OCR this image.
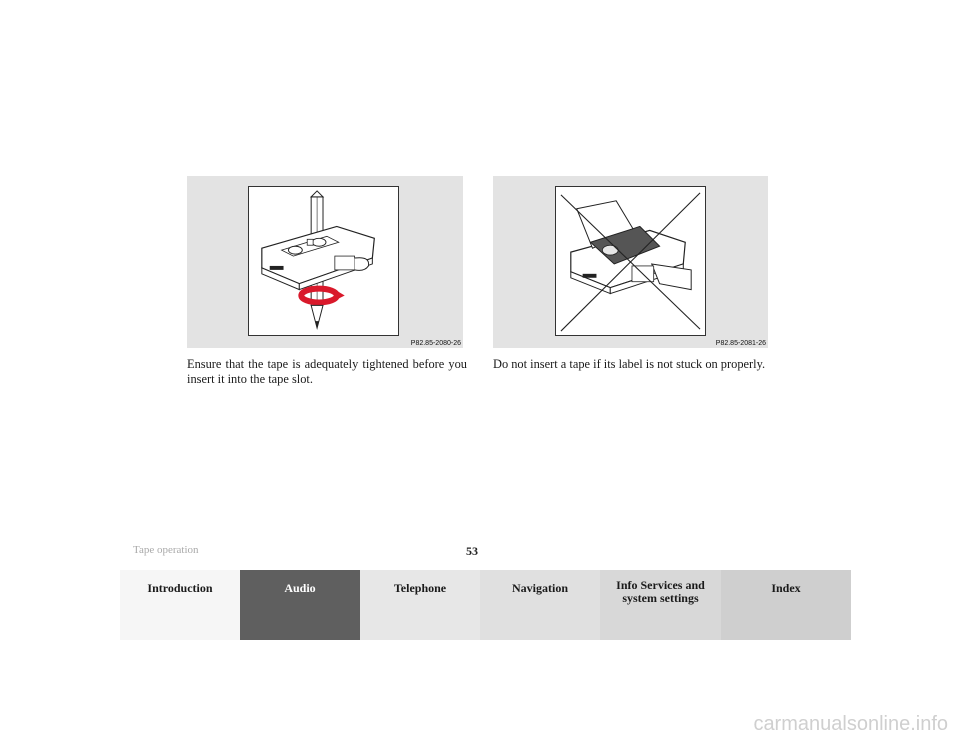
P82.85-2080-26	P82.85-2081-26
Ensure that the tape is adequately tightened before you insert it into the tape slot.
Do not insert a tape if its label is not stuck on properly.
Tape operation	53
Introduction	Audio	Telephone	Navigation	Info Services and
system settings
Index
carmanualsonline.info
